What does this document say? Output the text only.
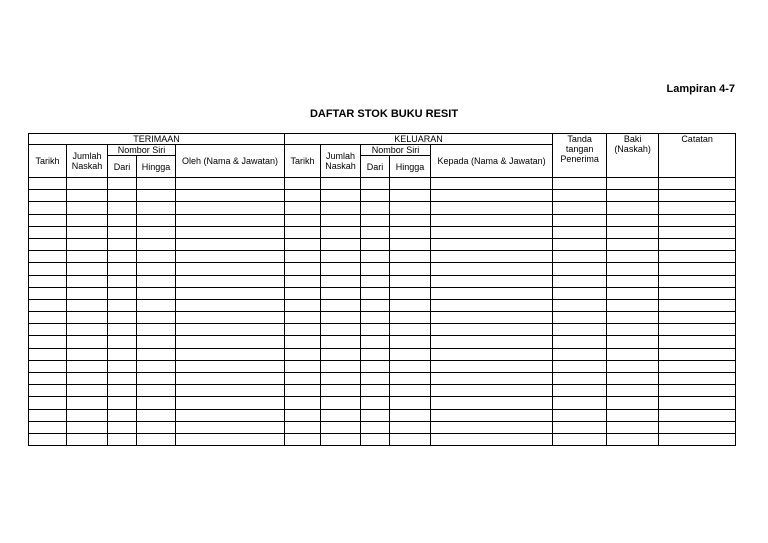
Lampiran 4-7
DAFTAR STOK BUKU RESIT
TERIMAAN					KELUARAN					Tanda tangan Penerima	Baki (Naskah)	Catatan
Tarikh	Jumlah Naskah	Nombor Siri		Oleh (Nama & Jawatan)	Tarikh	Jumlah Naskah	Nombor Siri		Kepada (Nama & Jawatan)			
		Dari	Hingga				Dari	Hingga				
